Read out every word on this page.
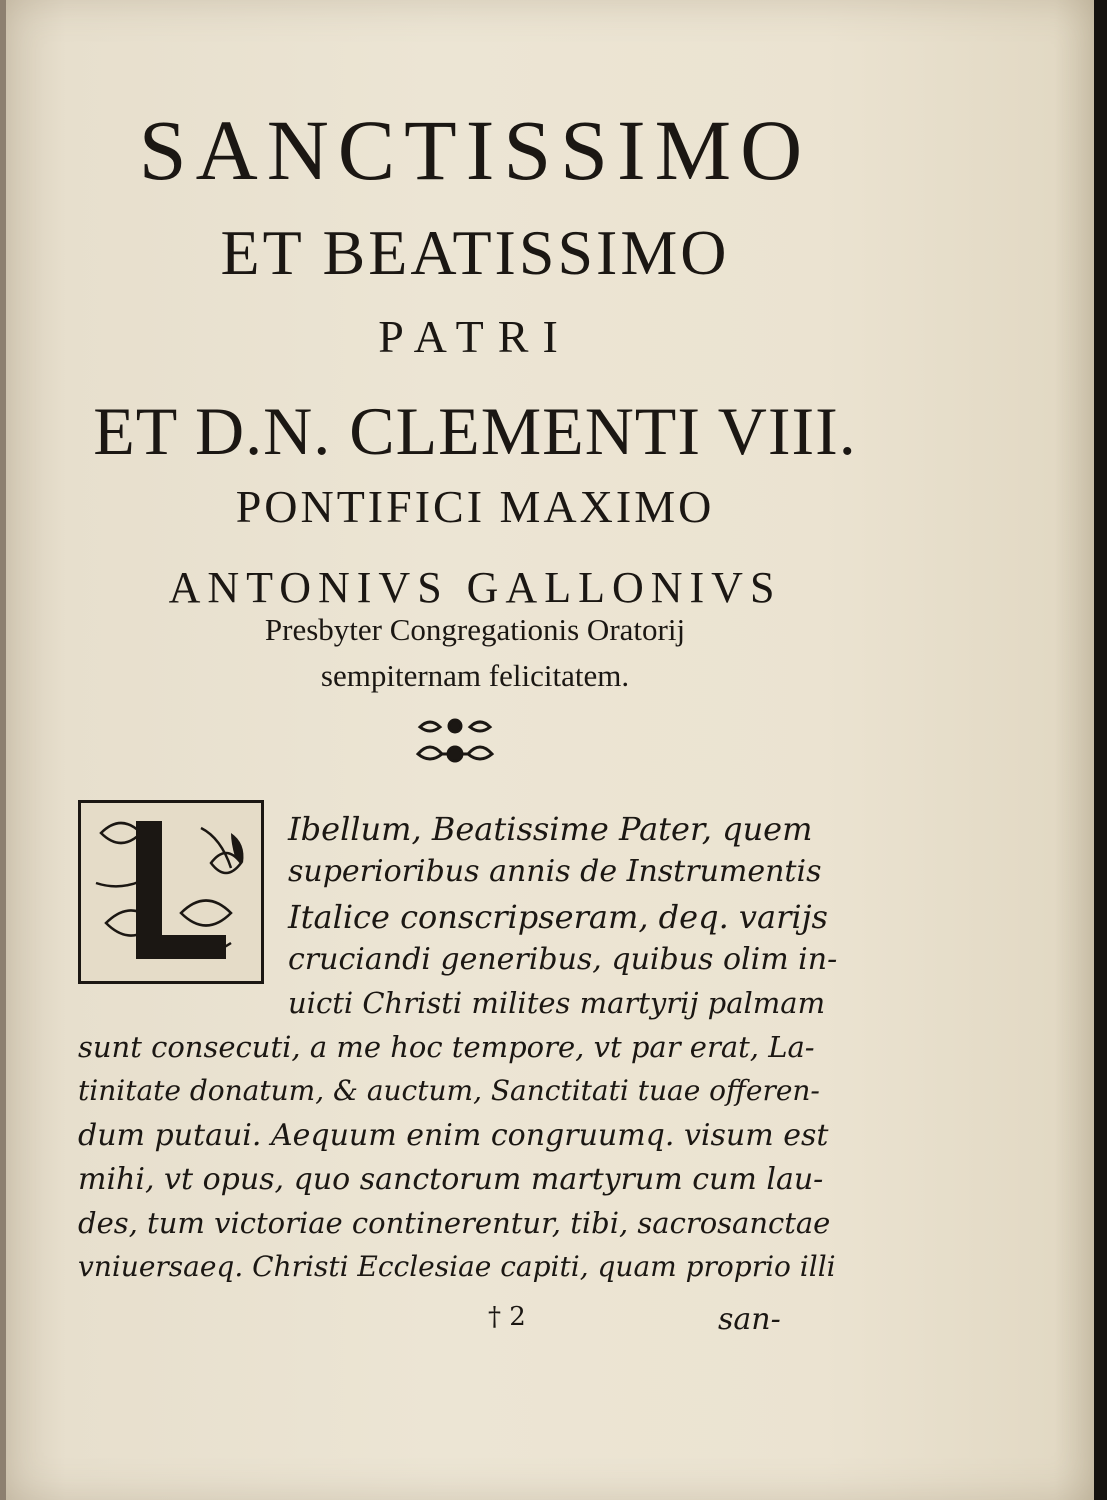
SANCTISSIMO
ET BEATISSIMO
PATRI
ET D.N. CLEMENTI VIII.
PONTIFICI MAXIMO
ANTONIVS GALLONIVS
Presbyter Congregationis Oratorij
sempiternam felicitatem.
Ibellum, Beatissime Pater, quem
superioribus annis de Instrumentis
Italice conscripseram, deq. varijs
cruciandi generibus, quibus olim in-
uicti Christi milites martyrij palmam
sunt consecuti, a me hoc tempore, vt par erat, La-
tinitate donatum, & auctum, Sanctitati tuae offeren-
dum putaui. Aequum enim congruumq. visum est
mihi, vt opus, quo sanctorum martyrum cum lau-
des, tum victoriae continerentur, tibi, sacrosanctae
vniuersaeq. Christi Ecclesiae capiti, quam proprio illi
† 2	san-
